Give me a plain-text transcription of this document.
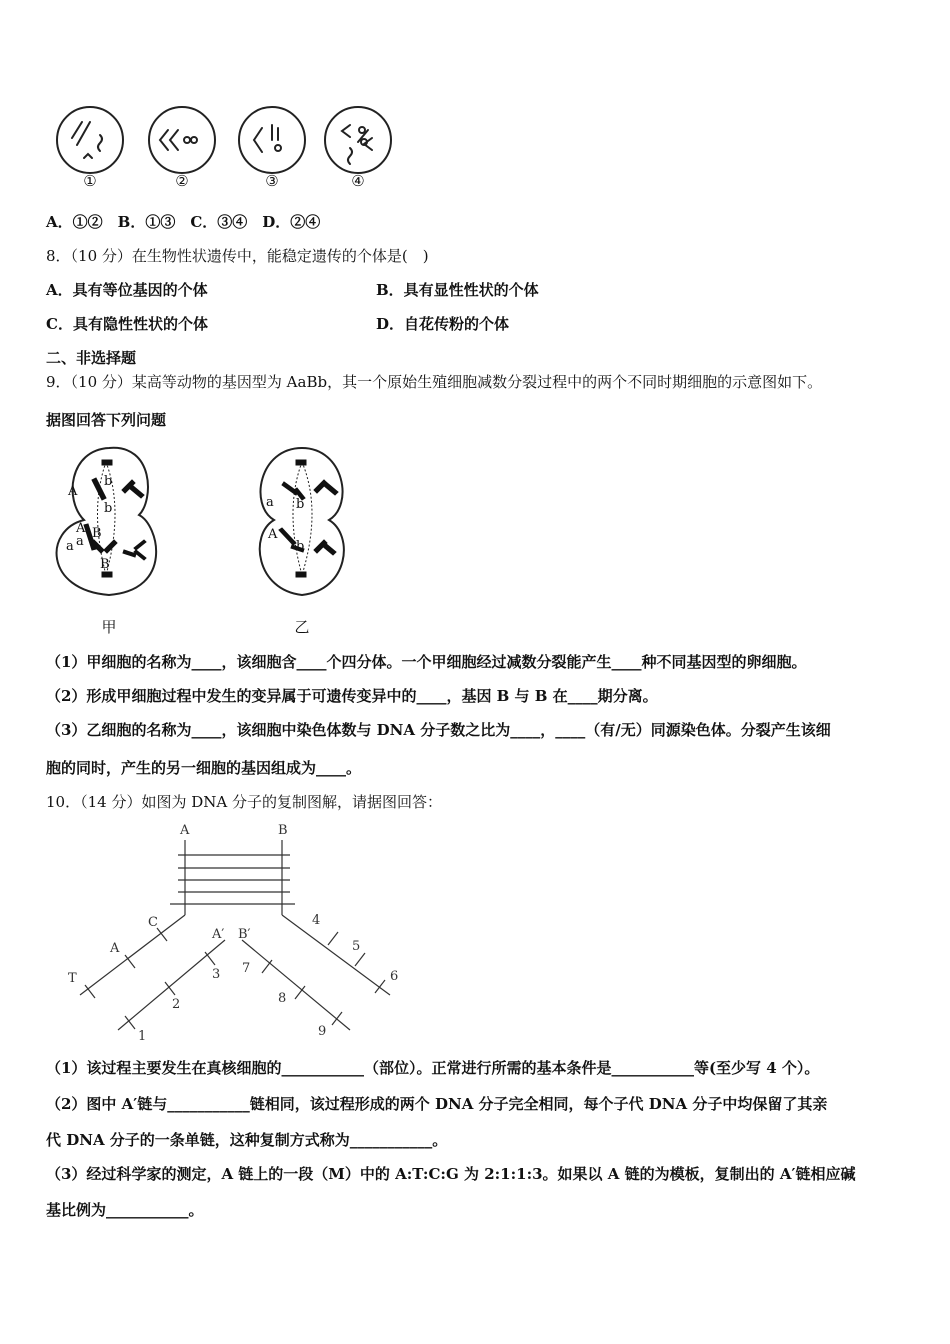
①	②	③	④
A．①②　B．①③　C．③④　D．②④
8．（10 分）在生物性状遗传中，能稳定遗传的个体是(　)
A．具有等位基因的个体	B．具有显性性状的个体
C．具有隐性性状的个体	D．自花传粉的个体
二、非选择题
9．（10 分）某高等动物的基因型为 AaBb，其一个原始生殖细胞减数分裂过程中的两个不同时期细胞的示意图如下。
据图回答下列问题
A
b
b
A
a
B
a
B
a b
A
b
甲	乙
（1）甲细胞的名称为____，该细胞含____个四分体。一个甲细胞经过减数分裂能产生____种不同基因型的卵细胞。
（2）形成甲细胞过程中发生的变异属于可遗传变异中的____，基因 B 与 B 在____期分离。
（3）乙细胞的名称为____，该细胞中染色体数与 DNA 分子数之比为____，____（有/无）同源染色体。分裂产生该细
胞的同时，产生的另一细胞的基因组成为____。
10．（14 分）如图为 DNA 分子的复制图解，请据图回答：
A	B
A′ B′
T
A
C
1
2
3
4
5
6
7
8
9
（1）该过程主要发生在真核细胞的___________（部位）。正常进行所需的基本条件是___________等(至少写 4 个）。
（2）图中 A′链与___________链相同，该过程形成的两个 DNA 分子完全相同，每个子代 DNA 分子中均保留了其亲
代 DNA 分子的一条单链，这种复制方式称为___________。
（3）经过科学家的测定，A 链上的一段（M）中的 A:T:C:G 为 2:1:1:3。如果以 A 链的为模板，复制出的 A′链相应碱
基比例为___________。
